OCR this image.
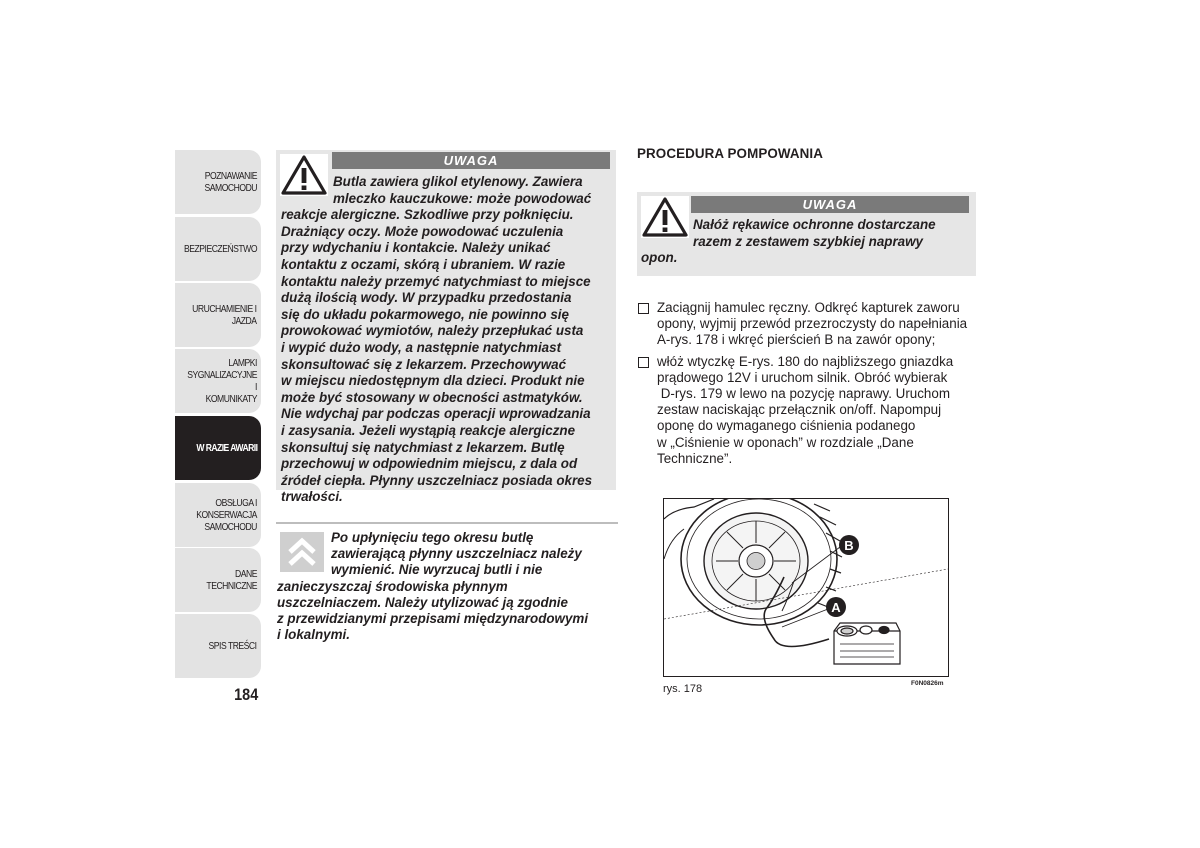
POZNAWANIE
SAMOCHODU
BEZPIECZEŃSTWO
URUCHAMIENIE I
JAZDA
LAMPKI
SYGNALIZACYJNE I
KOMUNIKATY
W RAZIE AWARII
OBSŁUGA I
KONSERWACJA
SAMOCHODU
DANE TECHNICZNE
SPIS TREŚCI
184
UWAGA

Butla zawiera glikol etylenowy. Zawiera
mleczko kauczukowe: może powodować
reakcje alergiczne. Szkodliwe przy połknięciu.
Drażniący oczy. Może powodować uczulenia
przy wdychaniu i kontakcie. Należy unikać
kontaktu z oczami, skórą i ubraniem. W razie
kontaktu należy przemyć natychmiast to miejsce
dużą ilością wody. W przypadku przedostania
się do układu pokarmowego, nie powinno się
prowokować wymiotów, należy przepłukać usta
i wypić dużo wody, a następnie natychmiast
skonsultować się z lekarzem. Przechowywać
w miejscu niedostępnym dla dzieci. Produkt nie
może być stosowany w obecności astmatyków.
Nie wdychaj par podczas operacji wprowadzania
i zasysania. Jeżeli wystąpią reakcje alergiczne
skonsultuj się natychmiast z lekarzem. Butlę
przechowuj w odpowiednim miejscu, z dala od
źródeł ciepła. Płynny uszczelniacz posiada okres
trwałości.

Po upłynięciu tego okresu butlę
zawierającą płynny uszczelniacz należy
wymienić. Nie wyrzucaj butli i nie
zanieczyszczaj środowiska płynnym
uszczelniaczem. Należy utylizować ją zgodnie
z przewidzianymi przepisami międzynarodowymi
i lokalnymi.

PROCEDURA POMPOWANIA
UWAGA

Nałóż rękawice ochronne dostarczane
razem z zestawem szybkiej naprawy
opon.

Zaciągnij hamulec ręczny. Odkręć kapturek zaworu
opony, wyjmij przewód przezroczysty do napełniania
A-rys. 178 i wkręć pierścień B na zawór opony;
włóż wtyczkę E-rys. 180 do najbliższego gniazdka
prądowego 12V i uruchom silnik. Obróć wybierak
D-rys. 179 w lewo na pozycję naprawy. Uruchom
zestaw naciskając przełącznik on/off. Napompuj
oponę do wymaganego ciśnienia podanego
w „Ciśnienie w oponach” w rozdziale „Dane
Techniczne”.
B
A
rys. 178	F0N0826m
